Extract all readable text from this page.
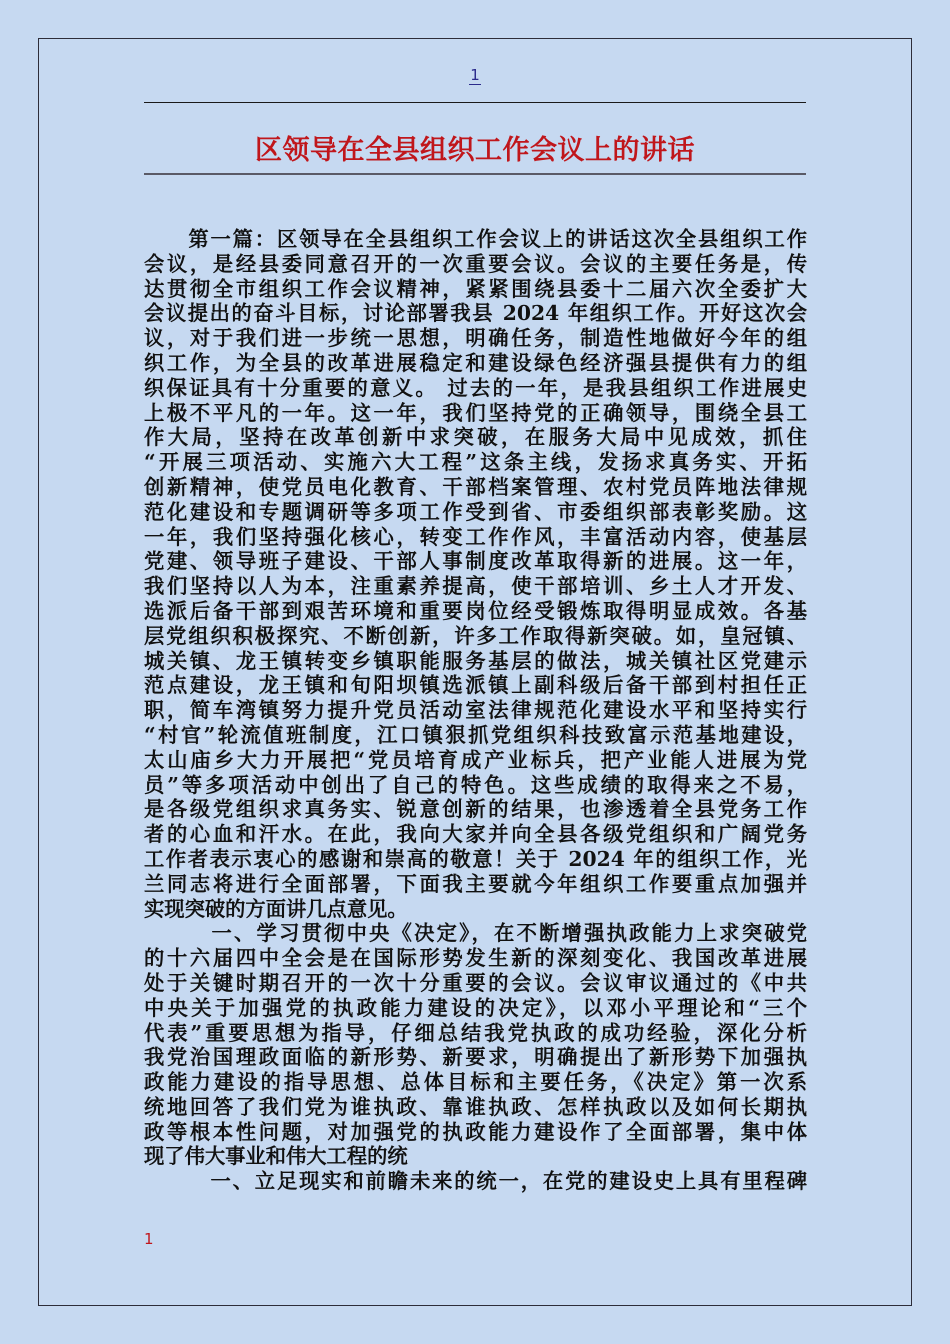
1
区领导在全县组织工作会议上的讲话
　　第一篇：区领导在全县组织工作会议上的讲话这次全县组织工作
会议，是经县委同意召开的一次重要会议。会议的主要任务是，传
达贯彻全市组织工作会议精神，紧紧围绕县委十二届六次全委扩大
会议提出的奋斗目标，讨论部署我县 2024 年组织工作。开好这次会
议，对于我们进一步统一思想，明确任务，制造性地做好今年的组
织工作，为全县的改革进展稳定和建设绿色经济强县提供有力的组
织保证具有十分重要的意义。 过去的一年，是我县组织工作进展史
上极不平凡的一年。这一年，我们坚持党的正确领导，围绕全县工
作大局，坚持在改革创新中求突破，在服务大局中见成效，抓住
“开展三项活动、实施六大工程”这条主线，发扬求真务实、开拓
创新精神，使党员电化教育、干部档案管理、农村党员阵地法律规
范化建设和专题调研等多项工作受到省、市委组织部表彰奖励。这
一年，我们坚持强化核心，转变工作作风，丰富活动内容，使基层
党建、领导班子建设、干部人事制度改革取得新的进展。这一年，
我们坚持以人为本，注重素养提高，使干部培训、乡土人才开发、
选派后备干部到艰苦环境和重要岗位经受锻炼取得明显成效。各基
层党组织积极探究、不断创新，许多工作取得新突破。如，皇冠镇、
城关镇、龙王镇转变乡镇职能服务基层的做法，城关镇社区党建示
范点建设，龙王镇和旬阳坝镇选派镇上副科级后备干部到村担任正
职，简车湾镇努力提升党员活动室法律规范化建设水平和坚持实行
“村官”轮流值班制度，江口镇狠抓党组织科技致富示范基地建设，
太山庙乡大力开展把“党员培育成产业标兵，把产业能人进展为党
员”等多项活动中创出了自己的特色。这些成绩的取得来之不易，
是各级党组织求真务实、锐意创新的结果，也渗透着全县党务工作
者的心血和汗水。在此，我向大家并向全县各级党组织和广阔党务
工作者表示衷心的感谢和崇高的敬意！关于 2024 年的组织工作，光
兰同志将进行全面部署，下面我主要就今年组织工作要重点加强并
实现突破的方面讲几点意见。
　　　一、学习贯彻中央《决定》，在不断增强执政能力上求突破党
的十六届四中全会是在国际形势发生新的深刻变化、我国改革进展
处于关键时期召开的一次十分重要的会议。会议审议通过的《中共
中央关于加强党的执政能力建设的决定》，以邓小平理论和“三个
代表”重要思想为指导，仔细总结我党执政的成功经验，深化分析
我党治国理政面临的新形势、新要求，明确提出了新形势下加强执
政能力建设的指导思想、总体目标和主要任务，《决定》第一次系
统地回答了我们党为谁执政、靠谁执政、怎样执政以及如何长期执
政等根本性问题，对加强党的执政能力建设作了全面部署，集中体
现了伟大事业和伟大工程的统
　　　一、立足现实和前瞻未来的统一，在党的建设史上具有里程碑
1
